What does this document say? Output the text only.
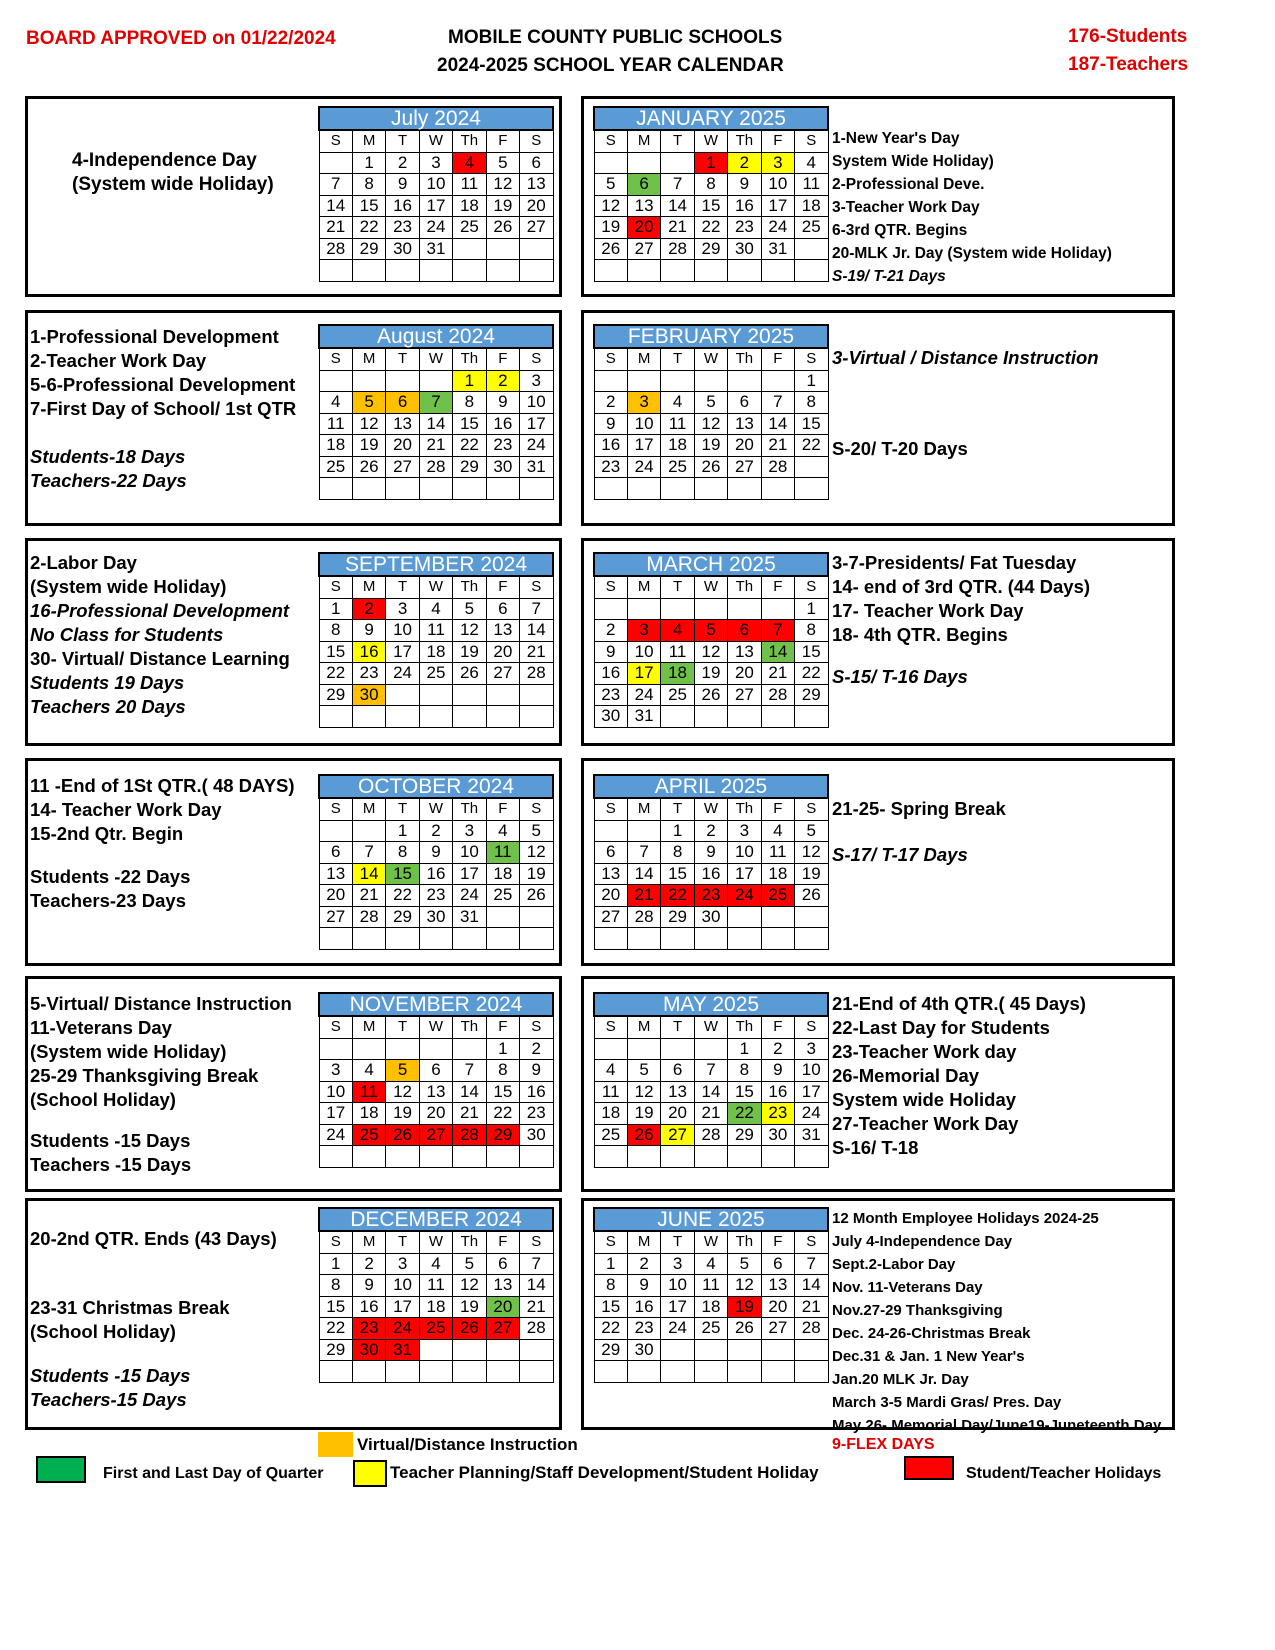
BOARD APPROVED on 01/22/2024	MOBILE COUNTY PUBLIC SCHOOLS
2024-2025 SCHOOL YEAR CALENDAR
176-Students
187-Teachers
July 2024						
S	M	T	W	Th	F	S
	1	2	3	4	5	6
7	8	9	10	11	12	13
14	15	16	17	18	19	20
21	22	23	24	25	26	27
28	29	30	31			

JANUARY 2025						
S	M	T	W	Th	F	S
			1	2	3	4
5	6	7	8	9	10	11
12	13	14	15	16	17	18
19	20	21	22	23	24	25
26	27	28	29	30	31	

August 2024						
S	M	T	W	Th	F	S
				1	2	3
4	5	6	7	8	9	10
11	12	13	14	15	16	17
18	19	20	21	22	23	24
25	26	27	28	29	30	31

FEBRUARY 2025						
S	M	T	W	Th	F	S
						1
2	3	4	5	6	7	8
9	10	11	12	13	14	15
16	17	18	19	20	21	22
23	24	25	26	27	28	

SEPTEMBER 2024						
S	M	T	W	Th	F	S
1	2	3	4	5	6	7
8	9	10	11	12	13	14
15	16	17	18	19	20	21
22	23	24	25	26	27	28
29	30					

MARCH 2025						
S	M	T	W	Th	F	S
						1
2	3	4	5	6	7	8
9	10	11	12	13	14	15
16	17	18	19	20	21	22
23	24	25	26	27	28	29
30	31					
OCTOBER 2024						
S	M	T	W	Th	F	S
		1	2	3	4	5
6	7	8	9	10	11	12
13	14	15	16	17	18	19
20	21	22	23	24	25	26
27	28	29	30	31		

APRIL 2025						
S	M	T	W	Th	F	S
		1	2	3	4	5
6	7	8	9	10	11	12
13	14	15	16	17	18	19
20	21	22	23	24	25	26
27	28	29	30			

NOVEMBER 2024						
S	M	T	W	Th	F	S
					1	2
3	4	5	6	7	8	9
10	11	12	13	14	15	16
17	18	19	20	21	22	23
24	25	26	27	28	29	30

MAY 2025						
S	M	T	W	Th	F	S
				1	2	3
4	5	6	7	8	9	10
11	12	13	14	15	16	17
18	19	20	21	22	23	24
25	26	27	28	29	30	31

DECEMBER 2024						
S	M	T	W	Th	F	S
1	2	3	4	5	6	7
8	9	10	11	12	13	14
15	16	17	18	19	20	21
22	23	24	25	26	27	28
29	30	31				

JUNE 2025						
S	M	T	W	Th	F	S
1	2	3	4	5	6	7
8	9	10	11	12	13	14
15	16	17	18	19	20	21
22	23	24	25	26	27	28
29	30					

4-Independence Day
(System wide Holiday)
1-New Year's Day
System Wide Holiday)
2-Professional Deve.
3-Teacher Work Day
6-3rd QTR. Begins
20-MLK Jr. Day (System wide Holiday)
S-19/ T-21 Days
1-Professional Development
2-Teacher Work Day
5-6-Professional Development
7-First Day of School/ 1st QTR

Students-18 Days
Teachers-22 Days
3-Virtual / Distance Instruction
S-20/ T-20 Days
2-Labor Day
(System wide Holiday)
16-Professional Development
No Class for Students
30- Virtual/ Distance Learning
Students 19 Days
Teachers 20 Days
3-7-Presidents/ Fat Tuesday
14- end of 3rd QTR. (44 Days)
17- Teacher Work Day
18- 4th QTR. Begins
S-15/ T-16 Days
11 -End of 1St QTR.( 48 DAYS)
14- Teacher Work Day
15-2nd Qtr. Begin
Students -22 Days
Teachers-23 Days
21-25- Spring Break
S-17/ T-17 Days
5-Virtual/ Distance Instruction
11-Veterans Day
(System wide Holiday)
25-29 Thanksgiving Break
(School Holiday)
Students -15 Days
Teachers -15 Days
21-End of 4th QTR.( 45 Days)
22-Last Day for Students
23-Teacher Work day
26-Memorial Day
System wide Holiday
27-Teacher Work Day
S-16/ T-18
20-2nd QTR. Ends (43 Days)
23-31 Christmas Break
(School Holiday)
Students -15 Days
Teachers-15 Days
12 Month Employee Holidays 2024-25
July 4-Independence Day
Sept.2-Labor Day
Nov. 11-Veterans Day
Nov.27-29 Thanksgiving
Dec. 24-26-Christmas Break
Dec.31 & Jan. 1 New Year's
Jan.20 MLK Jr. Day
March 3-5 Mardi Gras/ Pres. Day
May 26- Memorial Day/June19-Juneteenth Day
Virtual/Distance Instruction
First and Last Day of Quarter	Teacher Planning/Staff Development/Student Holiday
9-FLEX DAYS
Student/Teacher Holidays
